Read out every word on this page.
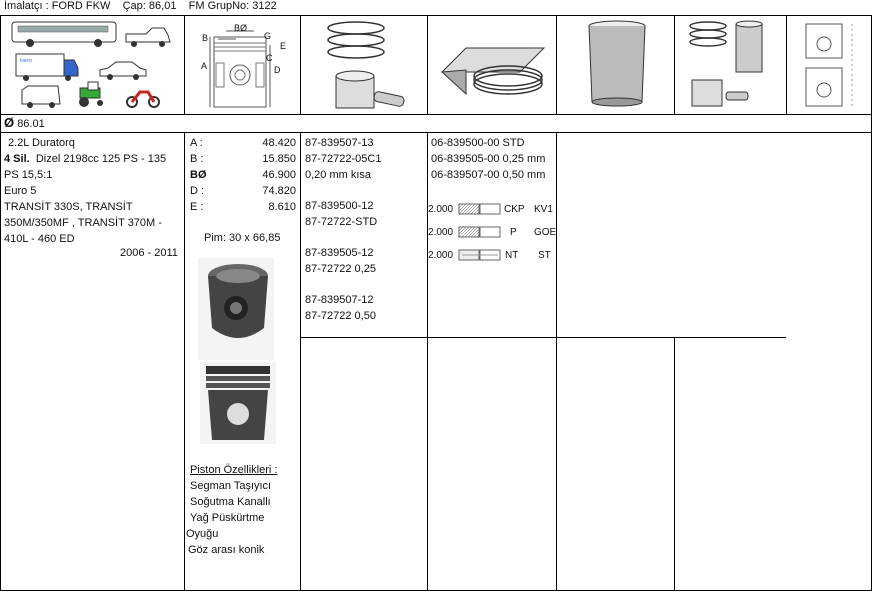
İmalatçı : FORD FKW Çap: 86,01 FM GrupNo: 3122
Iveco
B
BØ
G
E
A
C
D
Ø 86.01
2.2L Duratorq
4 Sil. Dizel 2198cc 125 PS - 135
PS 15,5:1
Euro 5
TRANSİT 330S, TRANSİT
350M/350MF , TRANSİT 370M -
410L - 460 ED
2006 - 2011
A :	48.420
B :	15.850
BØ	46.900
D :	74.820
E :	8.610
Pim: 30 x 66,85
Piston Özellikleri :
Segman Taşıyıcı
Soğutma Kanallı
Yağ Püskürtme
Oyuğu
Göz arası konik
87-839507-13
87-72722-05C1
0,20 mm kısa
87-839500-12
87-72722-STD
87-839505-12
87-72722 0,25
87-839507-12
87-72722 0,50
06-839500-00 STD
06-839505-00 0,25 mm
06-839507-00 0,50 mm
2.000	CKP KV1
2.000	P GOE
2.000	NT ST
